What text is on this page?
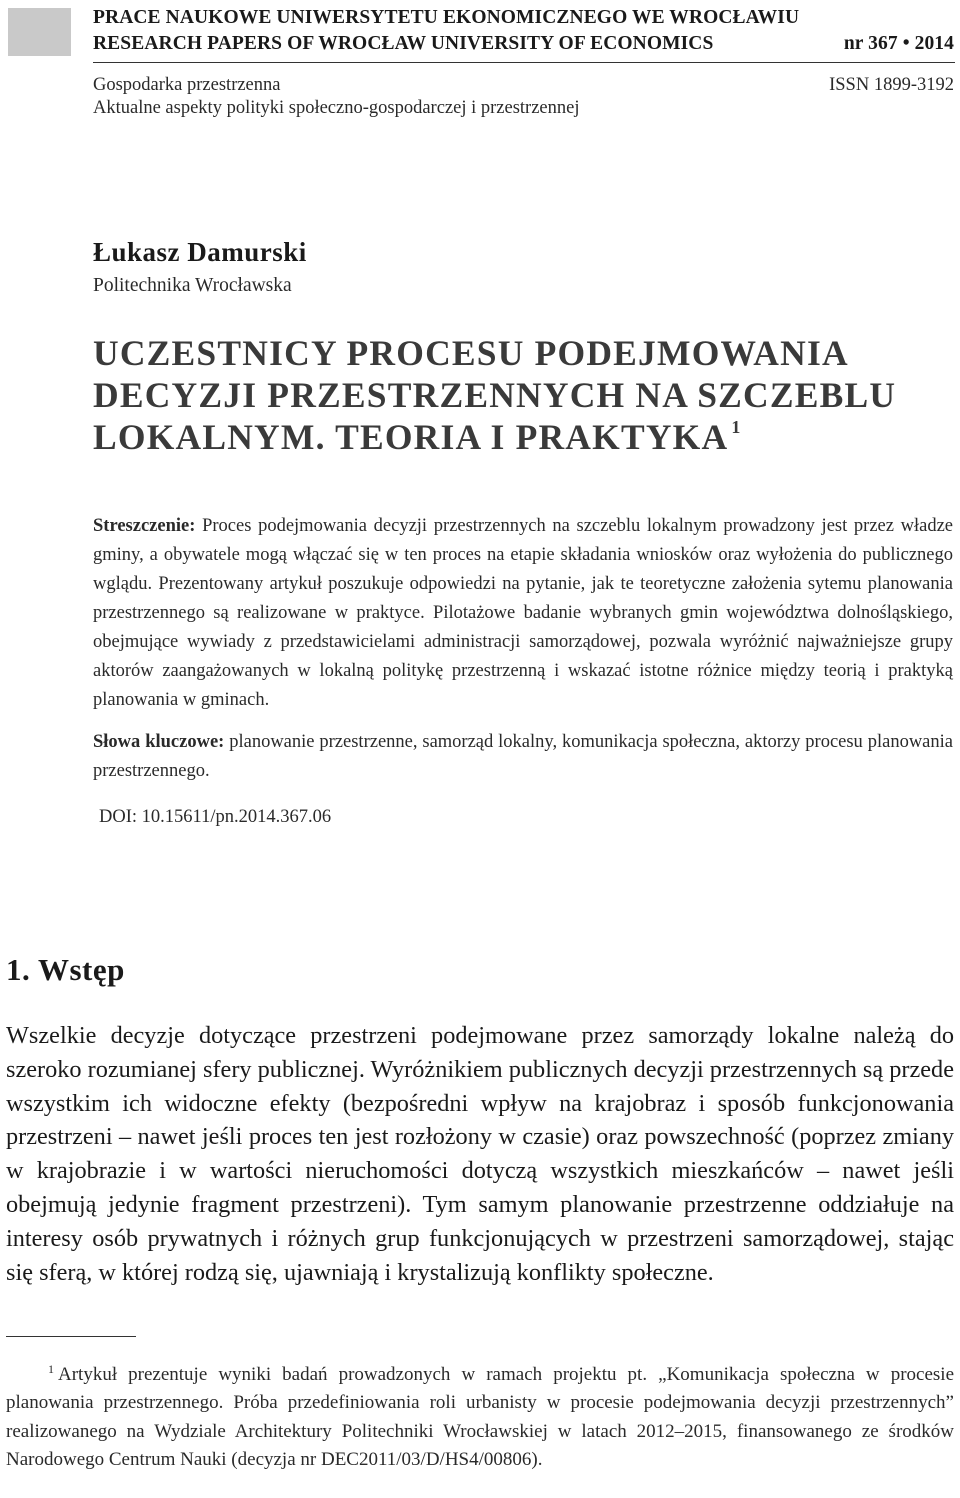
PRACE NAUKOWE UNIWERSYTETU EKONOMICZNEGO WE WROCŁAWIU
RESEARCH PAPERS OF WROCŁAW UNIVERSITY OF ECONOMICS	nr 367 • 2014
Gospodarka przestrzenna	ISSN 1899-3192
Aktualne aspekty polityki społeczno-gospodarczej i przestrzennej
Łukasz Damurski
Politechnika Wrocławska
UCZESTNICY PROCESU PODEJMOWANIA DECYZJI PRZESTRZENNYCH NA SZCZEBLU LOKALNYM. TEORIA I PRAKTYKA $^1$

Streszczenie: Proces podejmowania decyzji przestrzennych na szczeblu lokalnym prowadzony jest przez władze gminy, a obywatele mogą włączać się w ten proces na etapie składania wniosków oraz wyłożenia do publicznego wglądu. Prezentowany artykuł poszukuje odpowiedzi na pytanie, jak te teoretyczne założenia sytemu planowania przestrzennego są realizowane w praktyce. Pilotażowe badanie wybranych gmin województwa dolnośląskiego, obejmujące wywiady z przedstawicielami administracji samorządowej, pozwala wyróżnić najważniejsze grupy aktorów zaangażowanych w lokalną politykę przestrzenną i wskazać istotne różnice między teorią i praktyką planowania w gminach.

Słowa kluczowe: planowanie przestrzenne, samorząd lokalny, komunikacja społeczna, aktorzy procesu planowania przestrzennego.

DOI: 10.15611/pn.2014.367.06

1. Wstęp

Wszelkie decyzje dotyczące przestrzeni podejmowane przez samorządy lokalne należą do szeroko rozumianej sfery publicznej. Wyróżnikiem publicznych decyzji przestrzennych są przede wszystkim ich widoczne efekty (bezpośredni wpływ na krajobraz i sposób funkcjonowania przestrzeni – nawet jeśli proces ten jest rozłożony w czasie) oraz powszechność (poprzez zmiany w krajobrazie i w wartości nieruchomości dotyczą wszystkich mieszkańców – nawet jeśli obejmują jedynie fragment przestrzeni). Tym samym planowanie przestrzenne oddziałuje na interesy osób prywatnych i różnych grup funkcjonujących w przestrzeni samorządowej, stając się sferą, w której rodzą się, ujawniają i krystalizują konflikty społeczne.

$^1$ Artykuł prezentuje wyniki badań prowadzonych w ramach projektu pt. „Komunikacja społeczna w procesie planowania przestrzennego. Próba przedefiniowania roli urbanisty w procesie podejmowania decyzji przestrzennych” realizowanego na Wydziale Architektury Politechniki Wrocławskiej w latach 2012–2015, finansowanego ze środków Narodowego Centrum Nauki (decyzja nr DEC2011/03/D/HS4/00806).
